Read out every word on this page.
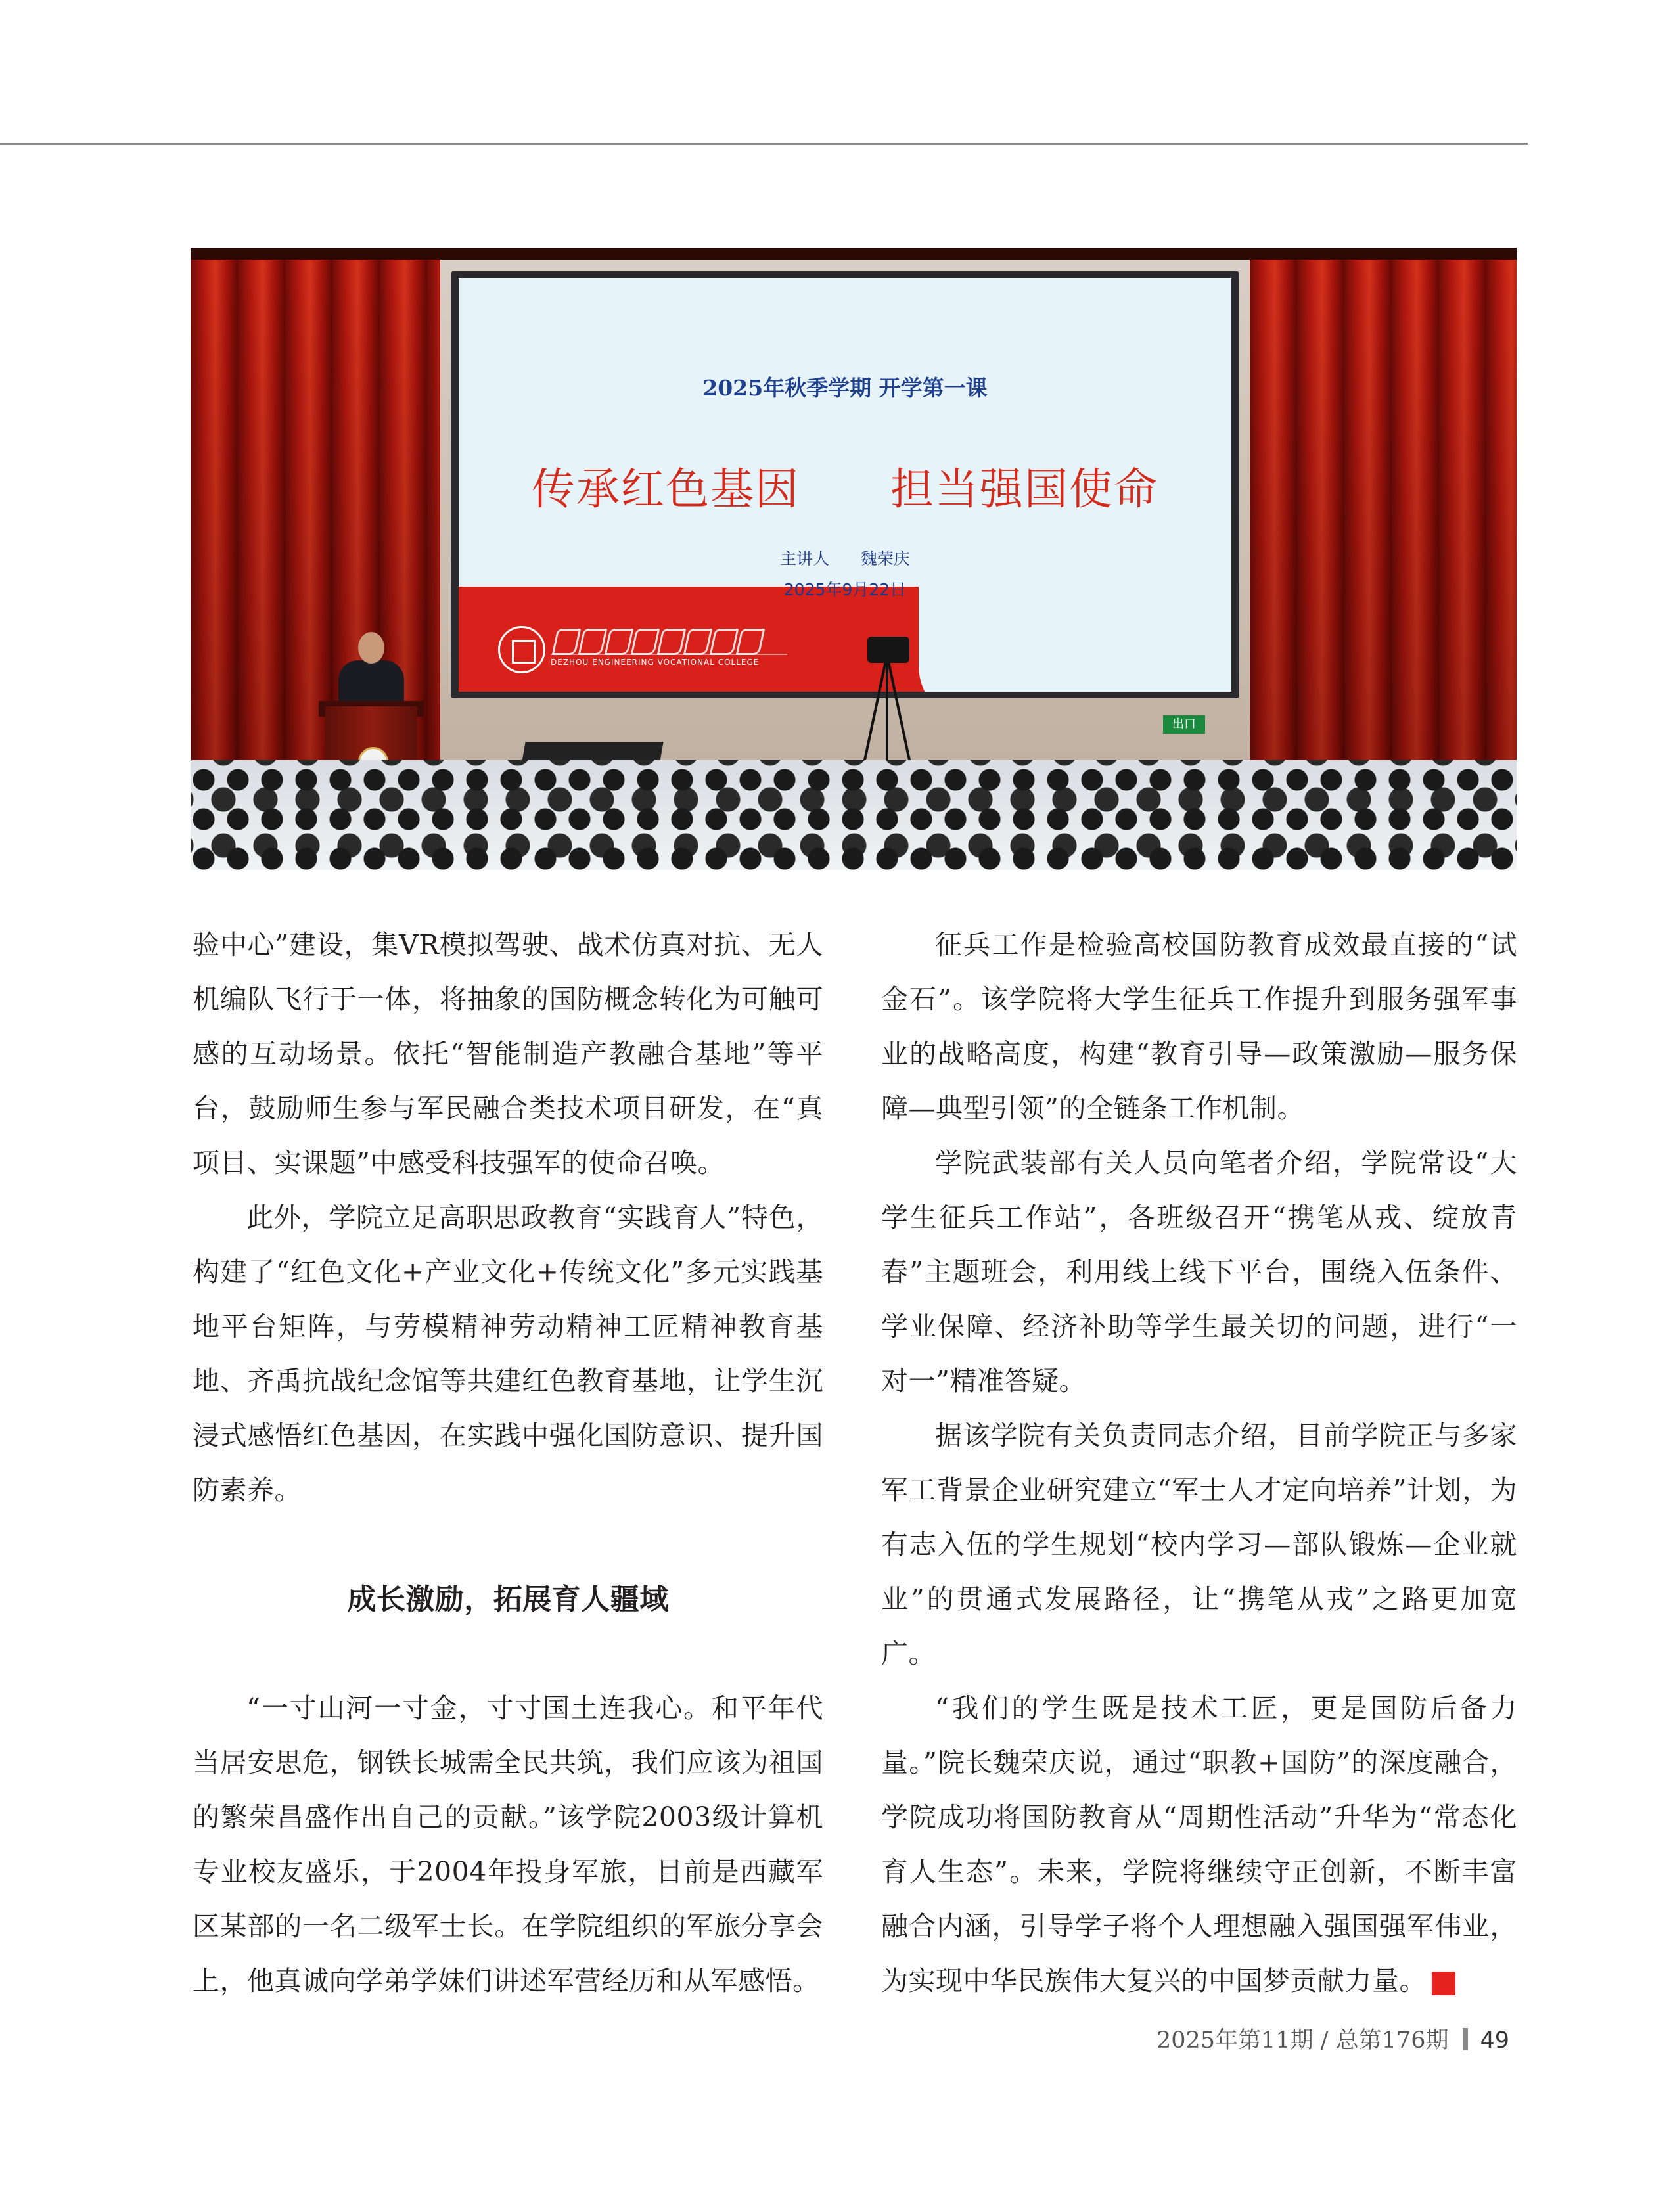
2025年秋季学期 开学第一课
传承红色基因      担当强国使命
主讲人      魏荣庆
2025年9月22日
DEZHOU ENGINEERING VOCATIONAL COLLEGE
出口

验中心”建设，集VR模拟驾驶、战术仿真对抗、无人机编队飞行于一体，将抽象的国防概念转化为可触可感的互动场景。依托“智能制造产教融合基地”等平台，鼓励师生参与军民融合类技术项目研发，在“真项目、实课题”中感受科技强军的使命召唤。

此外，学院立足高职思政教育“实践育人”特色，构建了“红色文化+产业文化+传统文化”多元实践基地平台矩阵，与劳模精神劳动精神工匠精神教育基地、齐禹抗战纪念馆等共建红色教育基地，让学生沉浸式感悟红色基因，在实践中强化国防意识、提升国防素养。

成长激励，拓展育人疆域

“一寸山河一寸金，寸寸国土连我心。和平年代当居安思危，钢铁长城需全民共筑，我们应该为祖国的繁荣昌盛作出自己的贡献。”该学院2003级计算机专业校友盛乐，于2004年投身军旅，目前是西藏军区某部的一名二级军士长。在学院组织的军旅分享会上，他真诚向学弟学妹们讲述军营经历和从军感悟。

征兵工作是检验高校国防教育成效最直接的“试金石”。该学院将大学生征兵工作提升到服务强军事业的战略高度，构建“教育引导—政策激励—服务保障—典型引领”的全链条工作机制。

学院武装部有关人员向笔者介绍，学院常设“大学生征兵工作站”，各班级召开“携笔从戎、绽放青春”主题班会，利用线上线下平台，围绕入伍条件、学业保障、经济补助等学生最关切的问题，进行“一对一”精准答疑。

据该学院有关负责同志介绍，目前学院正与多家军工背景企业研究建立“军士人才定向培养”计划，为有志入伍的学生规划“校内学习—部队锻炼—企业就业”的贯通式发展路径，让“携笔从戎”之路更加宽广。

“我们的学生既是技术工匠，更是国防后备力量。”院长魏荣庆说，通过“职教+国防”的深度融合，学院成功将国防教育从“周期性活动”升华为“常态化育人生态”。未来，学院将继续守正创新，不断丰富融合内涵，引导学子将个人理想融入强国强军伟业，为实现中华民族伟大复兴的中国梦贡献力量。	G

2025年第11期 / 总第176期 49
